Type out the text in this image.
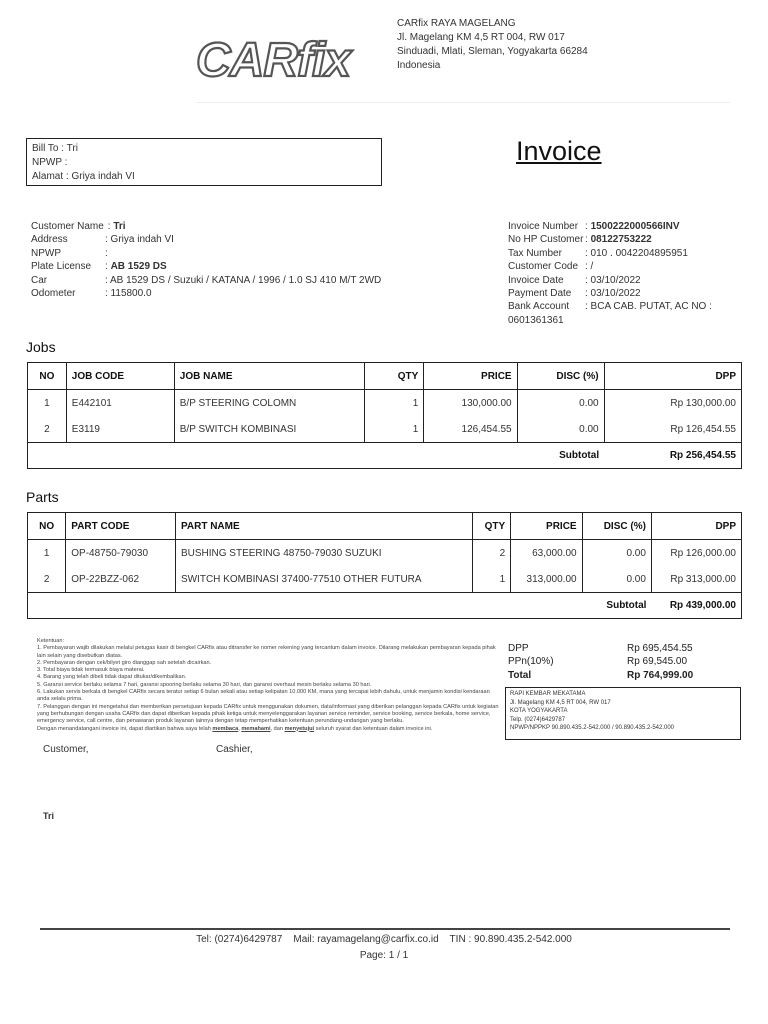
CARfix
CARfix RAYA MAGELANG
Jl. Magelang KM 4,5 RT 004, RW 017
Sinduadi, Mlati, Sleman, Yogyakarta 66284
Indonesia
Bill To : Tri
NPWP :
Alamat : Griya indah VI
Invoice
Customer Name : Tri
Address	: Griya indah VI
NPWP	:
Plate License	: AB 1529 DS
Car	: AB 1529 DS / Suzuki / KATANA / 1996 / 1.0 SJ 410 M/T 2WD
Odometer	: 115800.0
Invoice Number : 1500222000566INV
No HP Customer : 08122753222
Tax Number	: 010 . 0042204895951
Customer Code : /
Invoice Date	: 03/10/2022
Payment Date	: 03/10/2022
Bank Account	: BCA CAB. PUTAT, AC NO :
0601361361
Jobs
NO	JOB CODE	JOB NAME	QTY	PRICE	DISC (%)	DPP
1	E442101	B/P STEERING COLOMN	1	130,000.00	0.00	Rp 130,000.00
2	E3119	B/P SWITCH KOMBINASI	1	126,454.55	0.00	Rp 126,454.55
					Subtotal	Rp 256,454.55
Parts
NO	PART CODE	PART NAME	QTY	PRICE	DISC (%)	DPP
1	OP-48750-79030	BUSHING STEERING 48750-79030 SUZUKI	2	63,000.00	0.00	Rp 126,000.00
2	OP-22BZZ-062	SWITCH KOMBINASI 37400-77510 OTHER FUTURA	1	313,000.00	0.00	Rp 313,000.00
					Subtotal	Rp 439,000.00
Ketentuan:
1. Pembayaran wajib dilakukan melalui petugas kasir di bengkel CARfix atau ditransfer ke nomer rekening yang tercantum dalam invoice. Dilarang melakukan pembayaran kepada pihak lain selain yang disebutkan diatas.
2. Pembayaran dengan cek/bilyet giro dianggap sah setelah dicairkan.
3. Total biaya tidak termasuk biaya materai.
4. Barang yang telah dibeli tidak dapat ditukar/dikembalikan.
5. Garansi service berlaku selama 7 hari, garansi spooring berlaku selama 30 hari, dan garansi overhaul mesin berlaku selama 30 hari.
6. Lakukan servis berkala di bengkel CARfix secara teratur setiap 6 bulan sekali atau setiap kelipatan 10.000 KM, mana yang tercapai lebih dahulu, untuk menjamin kondisi kendaraan anda selalu prima.
7. Pelanggan dengan ini mengetahui dan memberikan persetujuan kepada CARfix untuk menggunakan dokumen, data/informasi yang diberikan pelanggan kepada CARfix untuk kegiatan yang berhubungan dengan usaha CARfix dan dapat diberikan kepada pihak ketiga untuk menyelenggarakan layanan service reminder, service booking, service berkala, home service, emergency service, call centre, dan penawaran produk layanan lainnya dengan tetap memperhatikan ketentuan perundang-undangan yang berlaku.
Dengan menandatangani invoice ini, dapat diartikan bahwa saya telah membaca, memahami, dan menyetujui seluruh syarat dan ketentuan dalam invoice ini.
DPP	Rp 695,454.55
PPn(10%)	Rp 69,545.00
Total	Rp 764,999.00
RAPI KEMBAR MEKATAMA
Jl. Magelang KM 4,5 RT 004, RW 017
KOTA YOGYAKARTA
Telp. (0274)6429787
NPWP/NPPKP 90.890.435.2-542.000 / 90.890.435.2-542.000
Customer,	Cashier,
Tri
Tel: (0274)6429787    Mail: rayamagelang@carfix.co.id    TIN : 90.890.435.2-542.000
Page: 1 / 1
